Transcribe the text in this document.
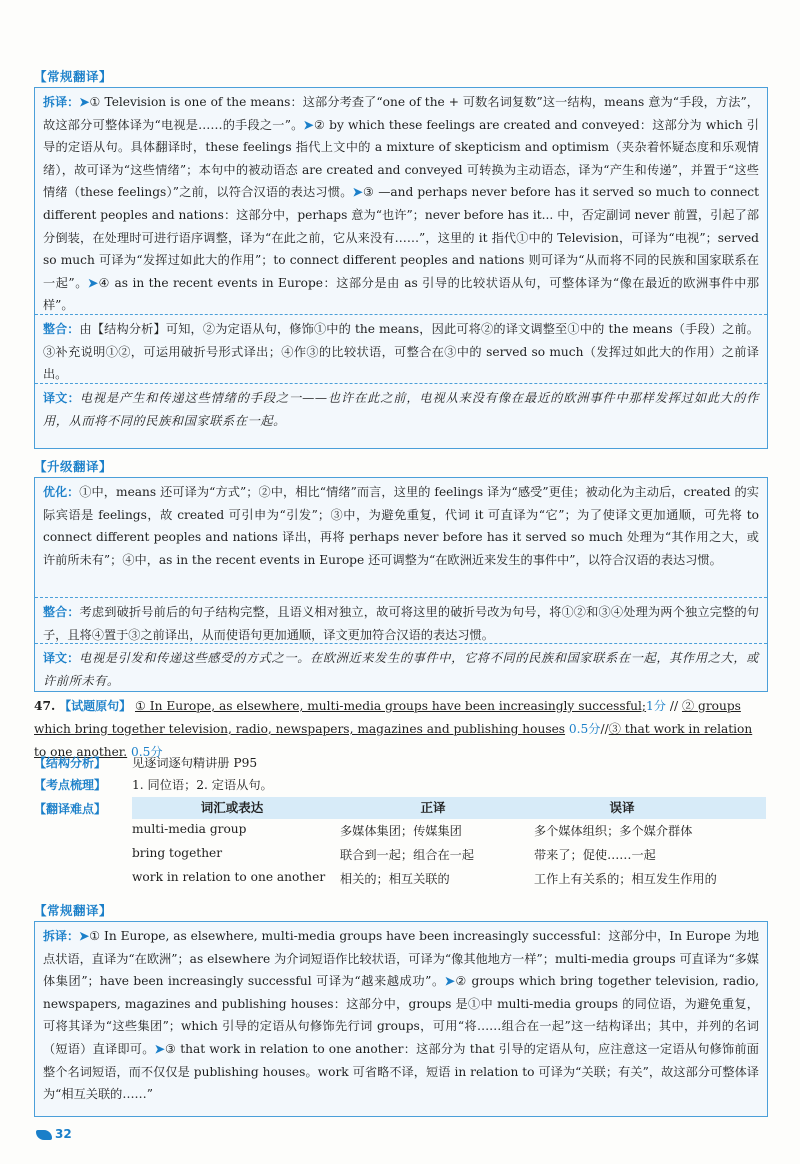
【常规翻译】
拆译：➤① Television is one of the means：这部分考查了“one of the + 可数名词复数”这一结构，means 意为“手段，方法”，故这部分可整体译为“电视是……的手段之一”。➤② by which these feelings are created and conveyed：这部分为 which 引导的定语从句。具体翻译时，these feelings 指代上文中的 a mixture of skepticism and optimism（夹杂着怀疑态度和乐观情绪），故可译为“这些情绪”；本句中的被动语态 are created and conveyed 可转换为主动语态，译为“产生和传递”，并置于“这些情绪（these feelings）”之前，以符合汉语的表达习惯。➤③ —and perhaps never before has it served so much to connect different peoples and nations：这部分中，perhaps 意为“也许”；never before has it... 中，否定副词 never 前置，引起了部分倒装，在处理时可进行语序调整，译为“在此之前，它从来没有……”，这里的 it 指代①中的 Television，可译为“电视”；served so much 可译为“发挥过如此大的作用”；to connect different peoples and nations 则可译为“从而将不同的民族和国家联系在一起”。➤④ as in the recent events in Europe：这部分是由 as 引导的比较状语从句，可整体译为“像在最近的欧洲事件中那样”。
整合：由【结构分析】可知，②为定语从句，修饰①中的 the means，因此可将②的译文调整至①中的 the means（手段）之前。③补充说明①②，可运用破折号形式译出；④作③的比较状语，可整合在③中的 served so much（发挥过如此大的作用）之前译出。
译文：电视是产生和传递这些情绪的手段之一——也许在此之前，电视从来没有像在最近的欧洲事件中那样发挥过如此大的作用，从而将不同的民族和国家联系在一起。
【升级翻译】
优化：①中，means 还可译为“方式”；②中，相比“情绪”而言，这里的 feelings 译为“感受”更佳；被动化为主动后，created 的实际宾语是 feelings，故 created 可引申为“引发”；③中，为避免重复，代词 it 可直译为“它”；为了使译文更加通顺，可先将 to connect different peoples and nations 译出，再将 perhaps never before has it served so much 处理为“其作用之大，或许前所未有”；④中，as in the recent events in Europe 还可调整为“在欧洲近来发生的事件中”，以符合汉语的表达习惯。
整合：考虑到破折号前后的句子结构完整，且语义相对独立，故可将这里的破折号改为句号，将①②和③④处理为两个独立完整的句子，且将④置于③之前译出，从而使语句更加通顺，译文更加符合汉语的表达习惯。
译文：电视是引发和传递这些感受的方式之一。在欧洲近来发生的事件中，它将不同的民族和国家联系在一起，其作用之大，或许前所未有。
47. 【试题原句】 ① In Europe, as elsewhere, multi-media groups have been increasingly successful;1分 // ② groups which bring together television, radio, newspapers, magazines and publishing houses 0.5分//③ that work in relation to one another. 0.5分
【结构分析】 见逐词逐句精讲册 P95
【考点梳理】 1. 同位语；2. 定语从句。
【翻译难点】	词汇或表达	正译	误译
multi-media group	多媒体集团；传媒集团	多个媒体组织；多个媒介群体
bring together	联合到一起；组合在一起	带来了；促使……一起
work in relation to one another	相关的；相互关联的	工作上有关系的；相互发生作用的
【常规翻译】
拆译：➤① In Europe, as elsewhere, multi-media groups have been increasingly successful：这部分中，In Europe 为地点状语，直译为“在欧洲”；as elsewhere 为介词短语作比较状语，可译为“像其他地方一样”；multi-media groups 可直译为“多媒体集团”；have been increasingly successful 可译为“越来越成功”。➤② groups which bring together television, radio, newspapers, magazines and publishing houses：这部分中，groups 是①中 multi-media groups 的同位语，为避免重复，可将其译为“这些集团”；which 引导的定语从句修饰先行词 groups，可用“将……组合在一起”这一结构译出；其中，并列的名词（短语）直译即可。➤③ that work in relation to one another：这部分为 that 引导的定语从句，应注意这一定语从句修饰前面整个名词短语，而不仅仅是 publishing houses。work 可省略不译，短语 in relation to 可译为“关联；有关”，故这部分可整体译为“相互关联的……”
32
